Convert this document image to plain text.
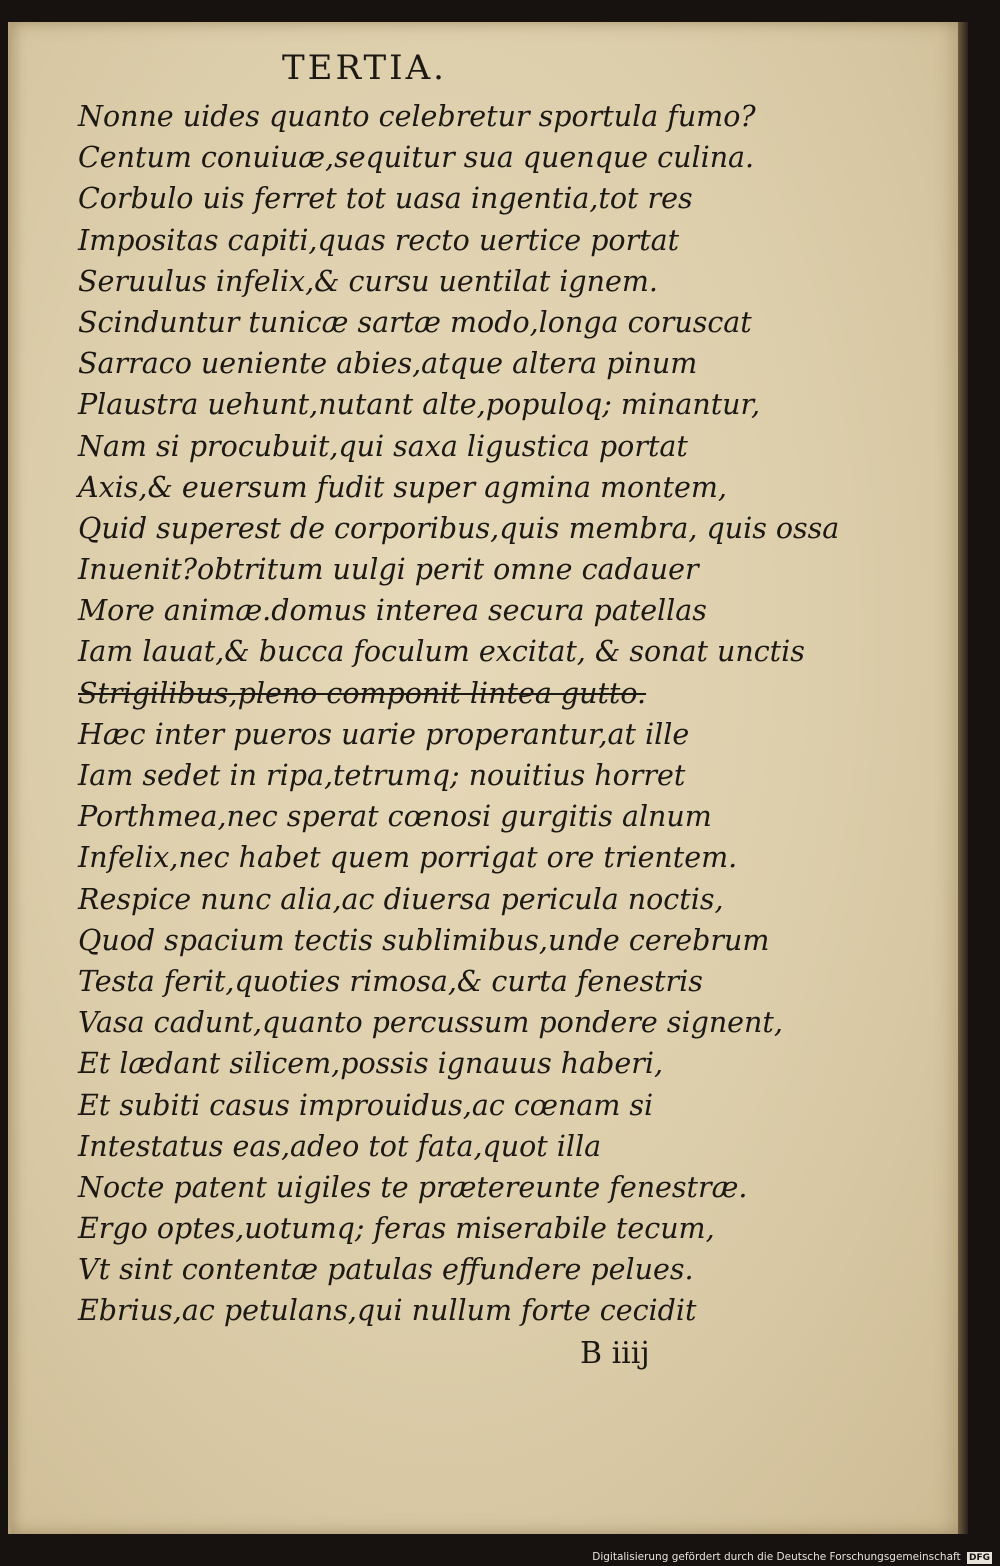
TERTIA.
Nonne uides quanto celebretur sportula fumo?
Centum conuiuæ,sequitur sua quenque culina.
Corbulo uis ferret tot uasa ingentia,tot res
Impositas capiti,quas recto uertice portat
Seruulus infelix,& cursu uentilat ignem.
Scinduntur tunicæ sartæ modo,longa coruscat
Sarraco ueniente abies,atque altera pinum
Plaustra uehunt,nutant alte,populoq; minantur,
Nam si procubuit,qui saxa ligustica portat
Axis,& euersum fudit super agmina montem,
Quid superest de corporibus,quis membra, quis ossa
Inuenit?obtritum uulgi perit omne cadauer
More animæ.domus interea secura patellas
Iam lauat,& bucca foculum excitat, & sonat unctis
Strigilibus,pleno componit lintea gutto.
Hæc inter pueros uarie properantur,at ille
Iam sedet in ripa,tetrumq; nouitius horret
Porthmea,nec sperat cœnosi gurgitis alnum
Infelix,nec habet quem porrigat ore trientem.
Respice nunc alia,ac diuersa pericula noctis,
Quod spacium tectis sublimibus,unde cerebrum
Testa ferit,quoties rimosa,& curta fenestris
Vasa cadunt,quanto percussum pondere signent,
Et lædant silicem,possis ignauus haberi,
Et subiti casus improuidus,ac cœnam si
Intestatus eas,adeo tot fata,quot illa
Nocte patent uigiles te prætereunte fenestræ.
Ergo optes,uotumq; feras miserabile tecum,
Vt sint contentæ patulas effundere pelues.
Ebrius,ac petulans,qui nullum forte cecidit

B iiij

Digitalisierung gefördert durch die Deutsche Forschungsgemeinschaft DFG
